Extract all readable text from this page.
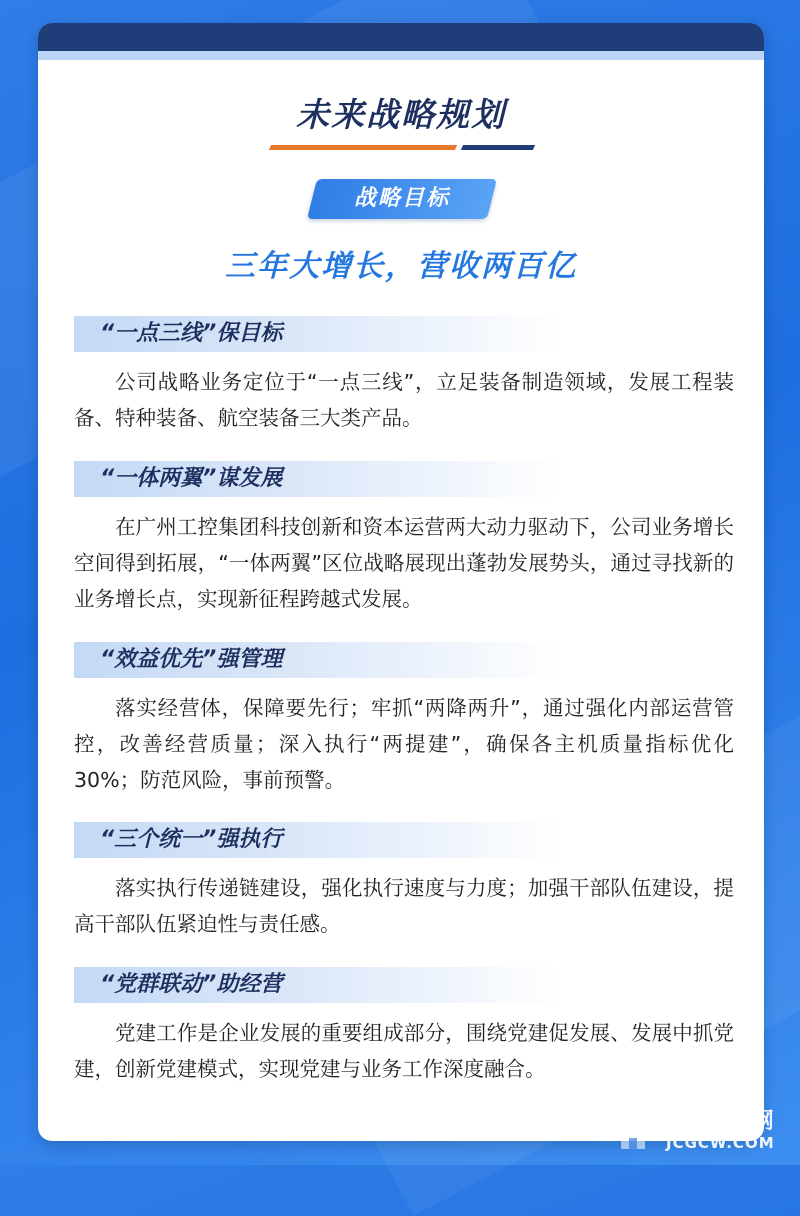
未来战略规划
战略目标
三年大增长，营收两百亿
“一点三线”保目标
公司战略业务定位于“一点三线”，立足装备制造领域，发展工程装备、特种装备、航空装备三大类产品。
“一体两翼”谋发展
在广州工控集团科技创新和资本运营两大动力驱动下，公司业务增长空间得到拓展，“一体两翼”区位战略展现出蓬勃发展势头，通过寻找新的业务增长点，实现新征程跨越式发展。
“效益优先”强管理
落实经营体，保障要先行；牢抓“两降两升”，通过强化内部运营管控，改善经营质量；深入执行“两提建”，确保各主机质量指标优化30%；防范风险，事前预警。
“三个统一”强执行
落实执行传递链建设，强化执行速度与力度；加强干部队伍建设，提高干部队伍紧迫性与责任感。
“党群联动”助经营
党建工作是企业发展的重要组成部分，围绕党建促发展、发展中抓党建，创新党建模式，实现党建与业务工作深度融合。
基础工程网
JCGCW.COM
